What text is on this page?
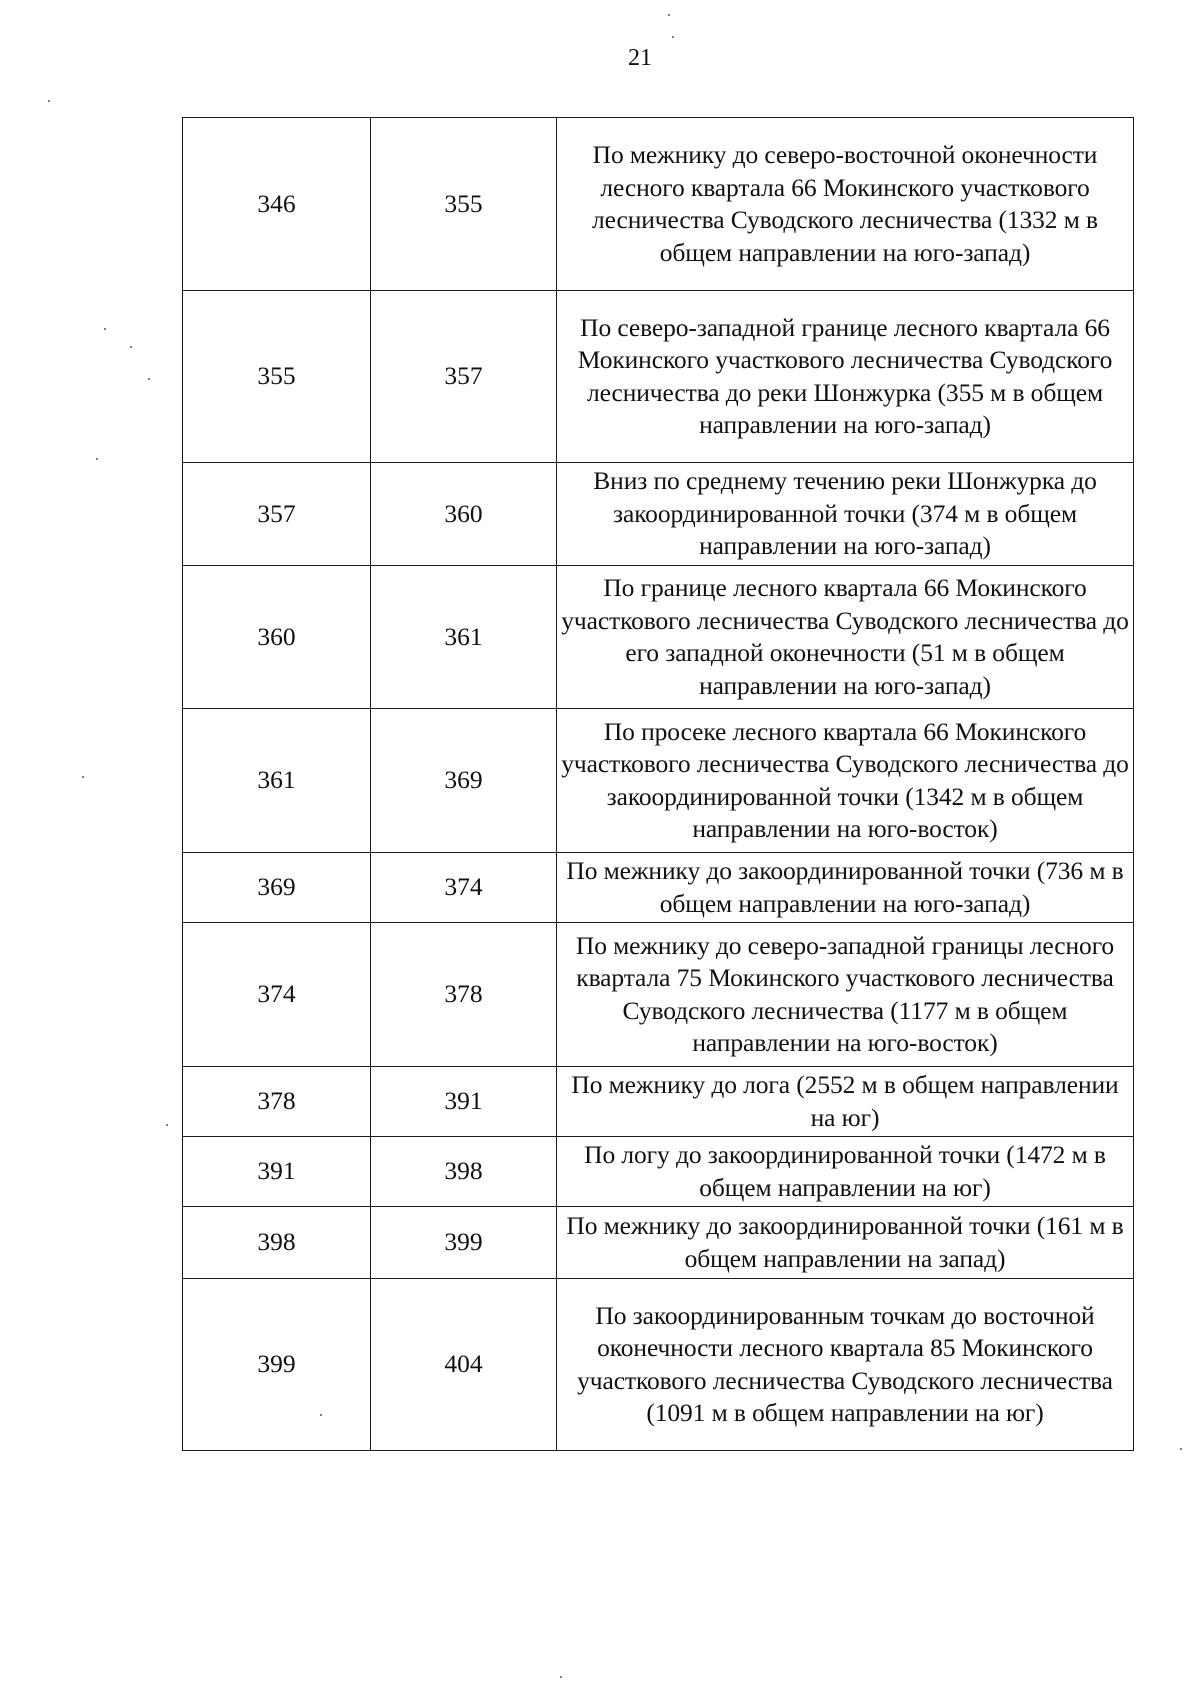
21
346	355	По межнику до северо-восточной оконечности лесного квартала 66 Мокинского участкового лесничества Суводского лесничества (1332 м в общем направлении на юго-запад)
355	357	По северо-западной границе лесного квартала 66 Мокинского участкового лесничества Суводского лесничества до реки Шонжурка (355 м в общем направлении на юго-запад)
357	360	Вниз по среднему течению реки Шонжурка до закоординированной точки (374 м в общем направлении на юго-запад)
360	361	По границе лесного квартала 66 Мокинского участкового лесничества Суводского лесничества до его западной оконечности (51 м в общем направлении на юго-запад)
361	369	По просеке лесного квартала 66 Мокинского участкового лесничества Суводского лесничества до закоординированной точки (1342 м в общем направлении на юго-восток)
369	374	По межнику до закоординированной точки (736 м в общем направлении на юго-запад)
374	378	По межнику до северо-западной границы лесного квартала 75 Мокинского участкового лесничества Суводского лесничества (1177 м в общем направлении на юго-восток)
378	391	По межнику до лога (2552 м в общем направлении на юг)
391	398	По логу до закоординированной точки (1472 м в общем направлении на юг)
398	399	По межнику до закоординированной точки (161 м в общем направлении на запад)
399	404	По закоординированным точкам до восточной оконечности лесного квартала 85 Мокинского участкового лесничества Суводского лесничества (1091 м в общем направлении на юг)
